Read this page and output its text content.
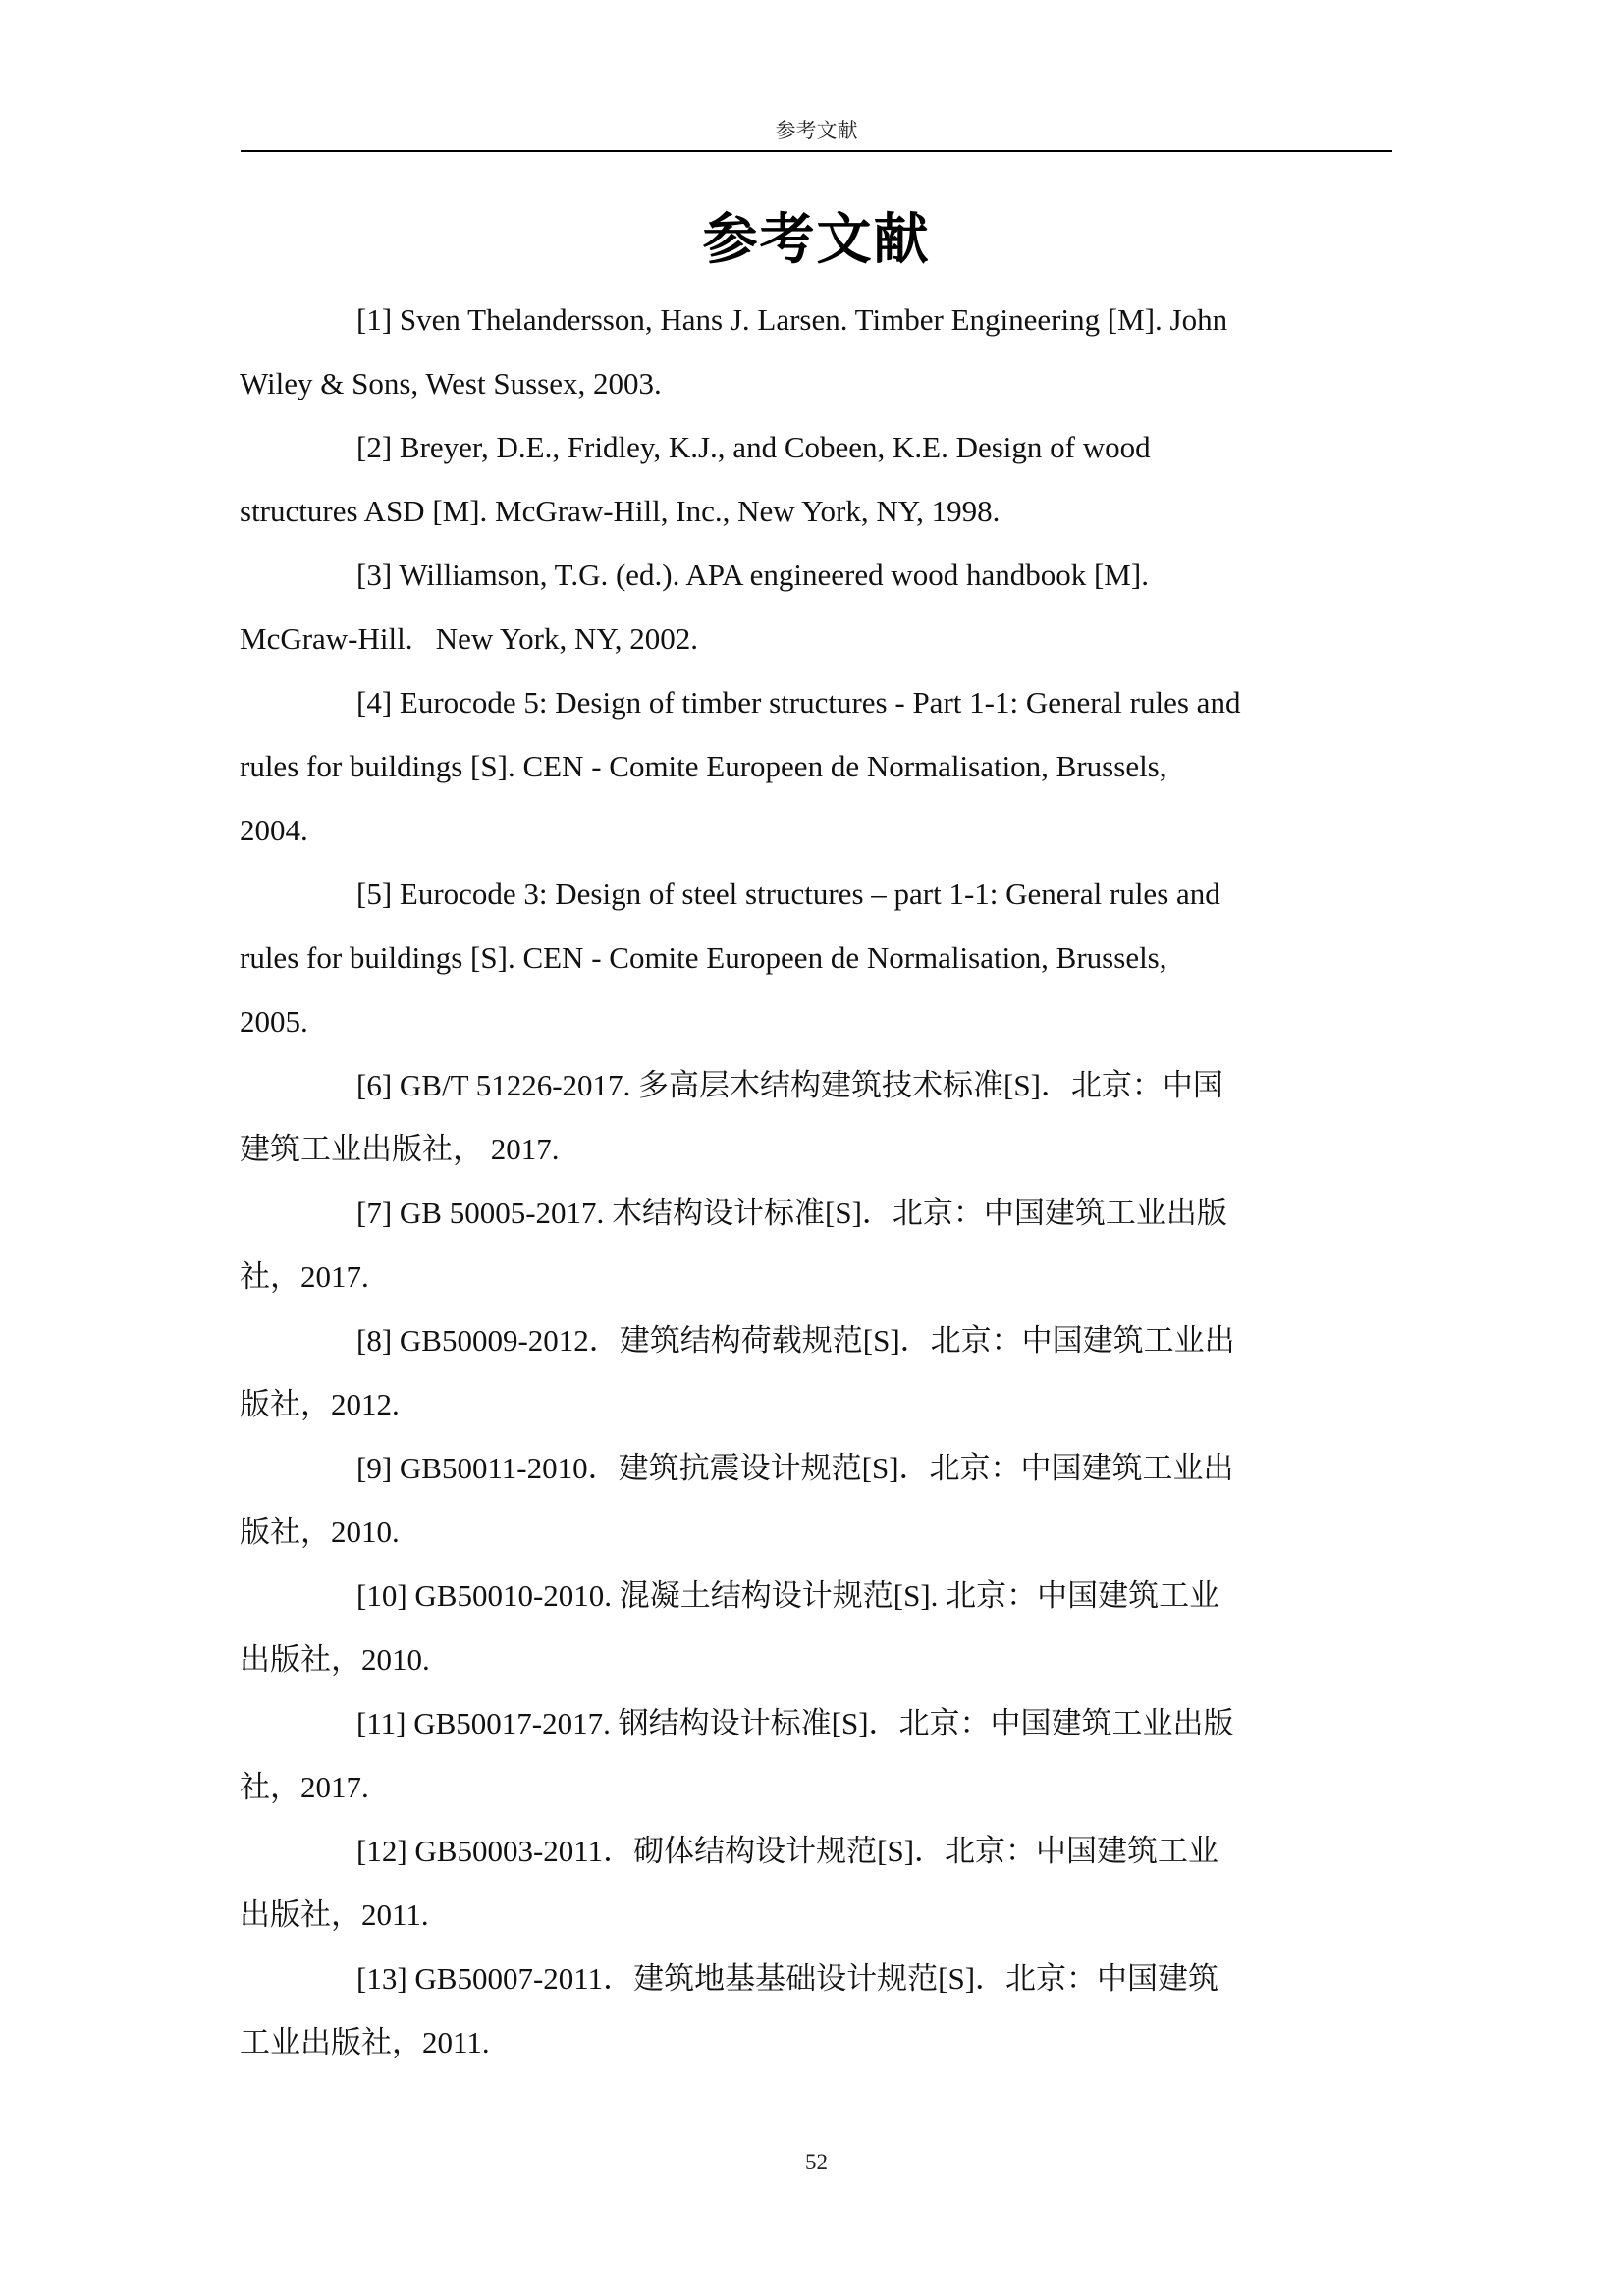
参考文献
参考文献
[1] Sven Thelandersson, Hans J. Larsen. Timber Engineering [M]. John
Wiley & Sons, West Sussex, 2003.
[2] Breyer, D.E., Fridley, K.J., and Cobeen, K.E. Design of wood
structures ASD [M]. McGraw-Hill, Inc., New York, NY, 1998.
[3] Williamson, T.G. (ed.). APA engineered wood handbook [M].
McGraw-Hill.   New York, NY, 2002.
[4] Eurocode 5: Design of timber structures - Part 1-1: General rules and
rules for buildings [S]. CEN - Comite Europeen de Normalisation, Brussels,
2004.
[5] Eurocode 3: Design of steel structures – part 1-1: General rules and
rules for buildings [S]. CEN - Comite Europeen de Normalisation, Brussels,
2005.
[6] GB/T 51226-2017. 多高层木结构建筑技术标准[S]．北京：中国
建筑工业出版社， 2017.
[7] GB 50005-2017. 木结构设计标准[S]．北京：中国建筑工业出版
社，2017.
[8] GB50009-2012．建筑结构荷载规范[S]．北京：中国建筑工业出
版社，2012.
[9] GB50011-2010．建筑抗震设计规范[S]．北京：中国建筑工业出
版社，2010.
[10] GB50010-2010. 混凝土结构设计规范[S]. 北京：中国建筑工业
出版社，2010.
[11] GB50017-2017. 钢结构设计标准[S]．北京：中国建筑工业出版
社，2017.
[12] GB50003-2011．砌体结构设计规范[S]．北京：中国建筑工业
出版社，2011.
[13] GB50007-2011．建筑地基基础设计规范[S]．北京：中国建筑
工业出版社，2011.
52
